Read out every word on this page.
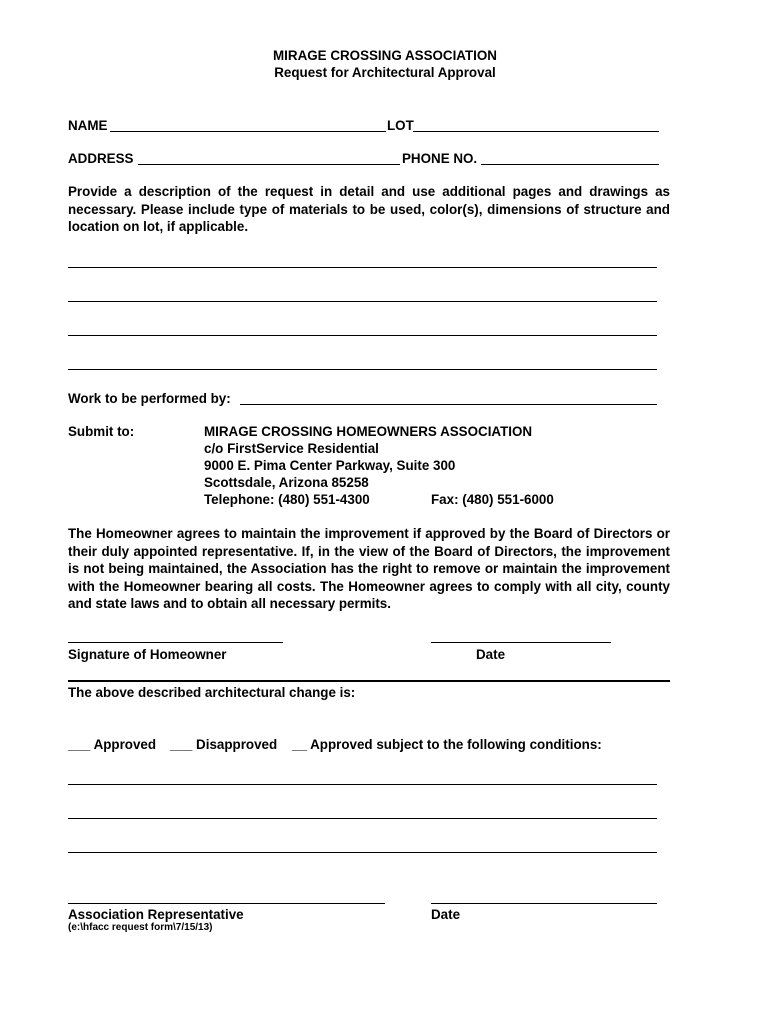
MIRAGE CROSSING ASSOCIATION
Request for Architectural Approval
NAME	LOT
ADDRESS	PHONE NO.
Provide a description of the request in detail and use additional pages and drawings as necessary. Please include type of materials to be used, color(s), dimensions of structure and location on lot, if applicable.
Work to be performed by:
Submit to:	MIRAGE CROSSING HOMEOWNERS ASSOCIATION
c/o FirstService Residential
9000 E. Pima Center Parkway, Suite 300
Scottsdale, Arizona 85258
Telephone: (480) 551-4300	Fax: (480) 551-6000
The Homeowner agrees to maintain the improvement if approved by the Board of Directors or their duly appointed representative. If, in the view of the Board of Directors, the improvement is not being maintained, the Association has the right to remove or maintain the improvement with the Homeowner bearing all costs. The Homeowner agrees to comply with all city, county and state laws and to obtain all necessary permits.
Signature of Homeowner	Date
The above described architectural change is:
___ Approved ___ Disapproved __ Approved subject to the following conditions:
Association Representative	Date
(e:\hfacc request form\7/15/13)
